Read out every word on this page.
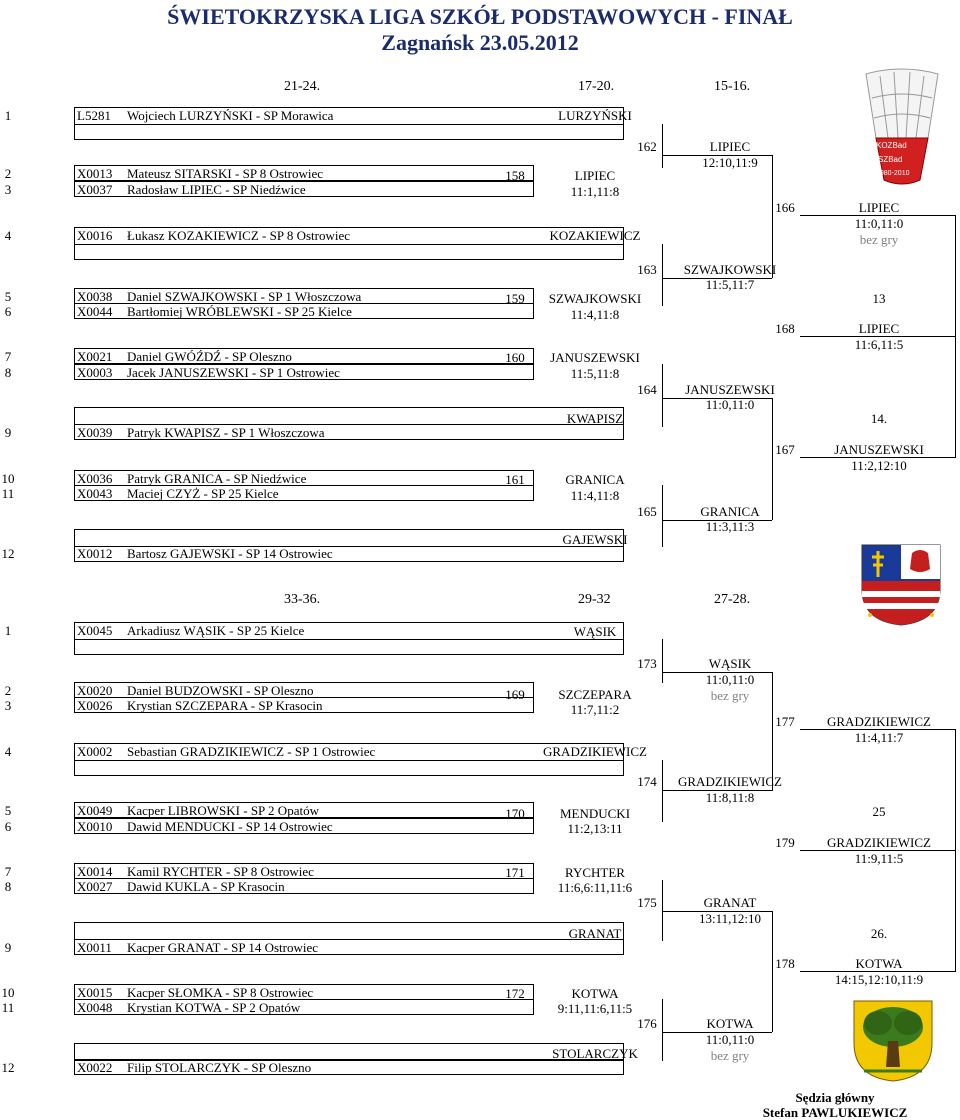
ŚWIETOKRZYSKA LIGA SZKÓŁ PODSTAWOWYCH - FINAŁ
Zagnańsk 23.05.2012
KOZBad
SZBad
1980-2010
21-24.	17-20.	15-16.
1	L5281 Wojciech LURZYŃSKI - SP Morawica
2	X0013 Mateusz SITARSKI - SP 8 Ostrowiec
3	X0037 Radosław LIPIEC - SP Niedźwice
4	X0016 Łukasz KOZAKIEWICZ - SP 8 Ostrowiec
5	X0038 Daniel SZWAJKOWSKI - SP 1 Włoszczowa
6	X0044 Bartłomiej WRÓBLEWSKI - SP 25 Kielce
7	X0021 Daniel GWÓŹDŹ - SP Oleszno
8	X0003 Jacek JANUSZEWSKI - SP 1 Ostrowiec
9	X0039 Patryk KWAPISZ - SP 1 Włoszczowa
10	X0036 Patryk GRANICA - SP Niedźwice
11	X0043 Maciej CZYŻ - SP 25 Kielce
12	X0012 Bartosz GAJEWSKI - SP 14 Ostrowiec
158	LIPIEC
11:1,11:8
159	SZWAJKOWSKI
11:4,11:8
160	JANUSZEWSKI
11:5,11:8
161	GRANICA
11:4,11:8
LURZYŃSKI
KOZAKIEWICZ
KWAPISZ
GAJEWSKI
162	LIPIEC
12:10,11:9
163	SZWAJKOWSKI
11:5,11:7
164	JANUSZEWSKI
11:0,11:0
165	GRANICA
11:3,11:3
166	LIPIEC
11:0,11:0
bez gry
167	JANUSZEWSKI
11:2,12:10
13
168	LIPIEC
11:6,11:5
14.
33-36.	29-32	27-28.
1	X0045 Arkadiusz WĄSIK - SP 25 Kielce
2	X0020 Daniel BUDZOWSKI - SP Oleszno
3	X0026 Krystian SZCZEPARA - SP Krasocin
4	X0002 Sebastian GRADZIKIEWICZ - SP 1 Ostrowiec
5	X0049 Kacper LIBROWSKI - SP 2 Opatów
6	X0010 Dawid MENDUCKI - SP 14 Ostrowiec
7	X0014 Kamil RYCHTER - SP 8 Ostrowiec
8	X0027 Dawid KUKLA - SP Krasocin
9	X0011 Kacper GRANAT - SP 14 Ostrowiec
10	X0015 Kacper SŁOMKA - SP 8 Ostrowiec
11	X0048 Krystian KOTWA - SP 2 Opatów
12	X0022 Filip STOLARCZYK - SP Oleszno
169	SZCZEPARA
11:7,11:2
170	MENDUCKI
11:2,13:11
171	RYCHTER
11:6,6:11,11:6
172	KOTWA
9:11,11:6,11:5
WĄSIK
GRADZIKIEWICZ
GRANAT
STOLARCZYK
173	WĄSIK
11:0,11:0
bez gry
174	GRADZIKIEWICZ
11:8,11:8
175	GRANAT
13:11,12:10
176	KOTWA
11:0,11:0
bez gry
177	GRADZIKIEWICZ
11:4,11:7
178	KOTWA
14:15,12:10,11:9
25
179	GRADZIKIEWICZ
11:9,11:5
26.
Sędzia główny
Stefan PAWLUKIEWICZ
